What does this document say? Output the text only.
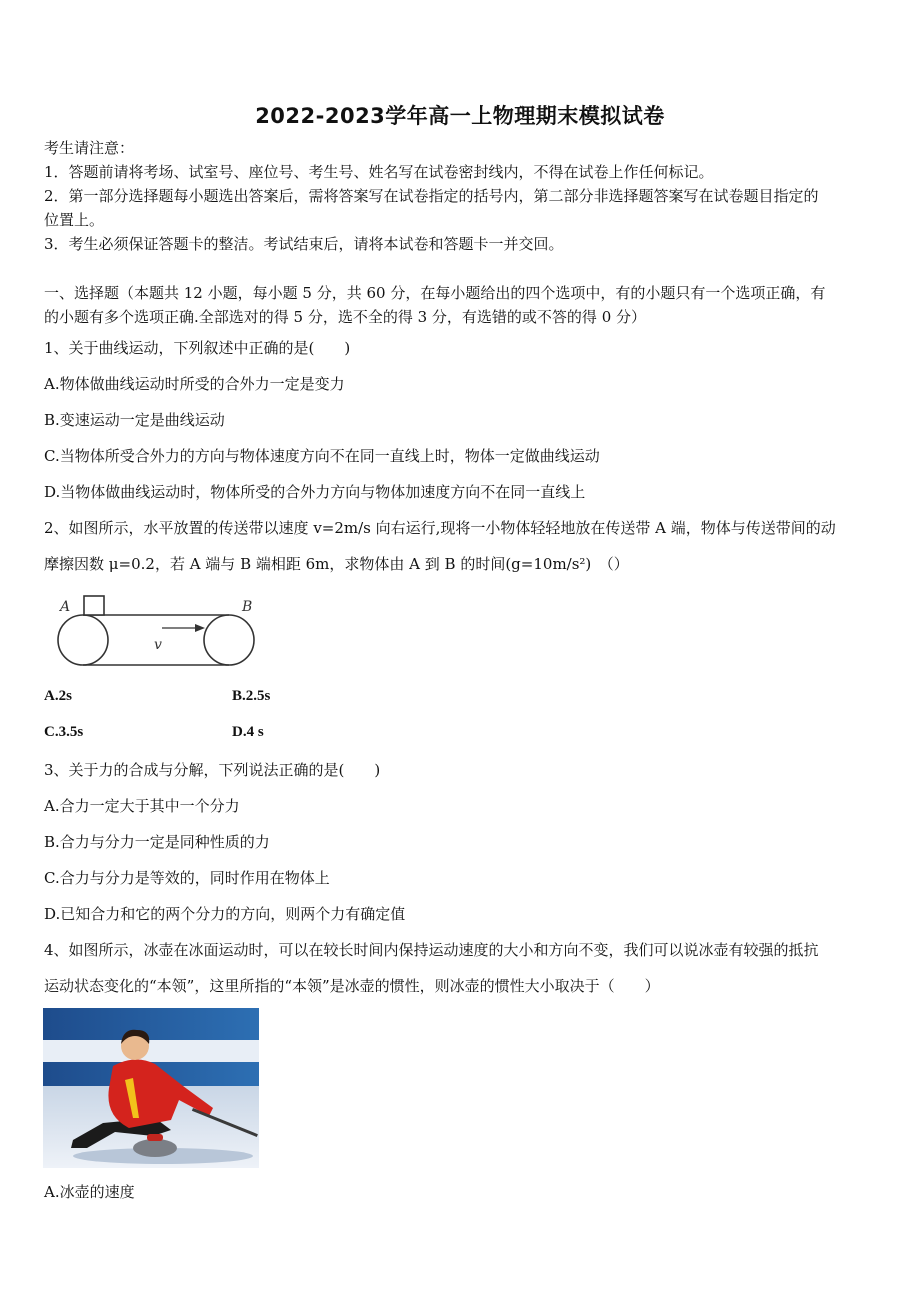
2022-2023学年高一上物理期末模拟试卷
考生请注意：
1．答题前请将考场、试室号、座位号、考生号、姓名写在试卷密封线内，不得在试卷上作任何标记。
2．第一部分选择题每小题选出答案后，需将答案写在试卷指定的括号内，第二部分非选择题答案写在试卷题目指定的
位置上。
3．考生必须保证答题卡的整洁。考试结束后，请将本试卷和答题卡一并交回。
一、选择题（本题共 12 小题，每小题 5 分，共 60 分，在每小题给出的四个选项中，有的小题只有一个选项正确，有
的小题有多个选项正确.全部选对的得 5 分，选不全的得 3 分，有选错的或不答的得 0 分）
1、关于曲线运动，下列叙述中正确的是(　　)
A.物体做曲线运动时所受的合外力一定是变力
B.变速运动一定是曲线运动
C.当物体所受合外力的方向与物体速度方向不在同一直线上时，物体一定做曲线运动
D.当物体做曲线运动时，物体所受的合外力方向与物体加速度方向不在同一直线上
2、如图所示，水平放置的传送带以速度 v=2m/s 向右运行,现将一小物体轻轻地放在传送带 A 端，物体与传送带间的动
摩擦因数 μ=0.2，若 A 端与 B 端相距 6m，求物体由 A 到 B 的时间(g=10m/s²)　（）
A	B
v
A.2s	B.2.5s
C.3.5s	D.4 s
3、关于力的合成与分解，下列说法正确的是(　　)
A.合力一定大于其中一个分力
B.合力与分力一定是同种性质的力
C.合力与分力是等效的，同时作用在物体上
D.已知合力和它的两个分力的方向，则两个力有确定值
4、如图所示，冰壶在冰面运动时，可以在较长时间内保持运动速度的大小和方向不变，我们可以说冰壶有较强的抵抗
运动状态变化的“本领”，这里所指的“本领”是冰壶的惯性，则冰壶的惯性大小取决于（　　）
A.冰壶的速度
